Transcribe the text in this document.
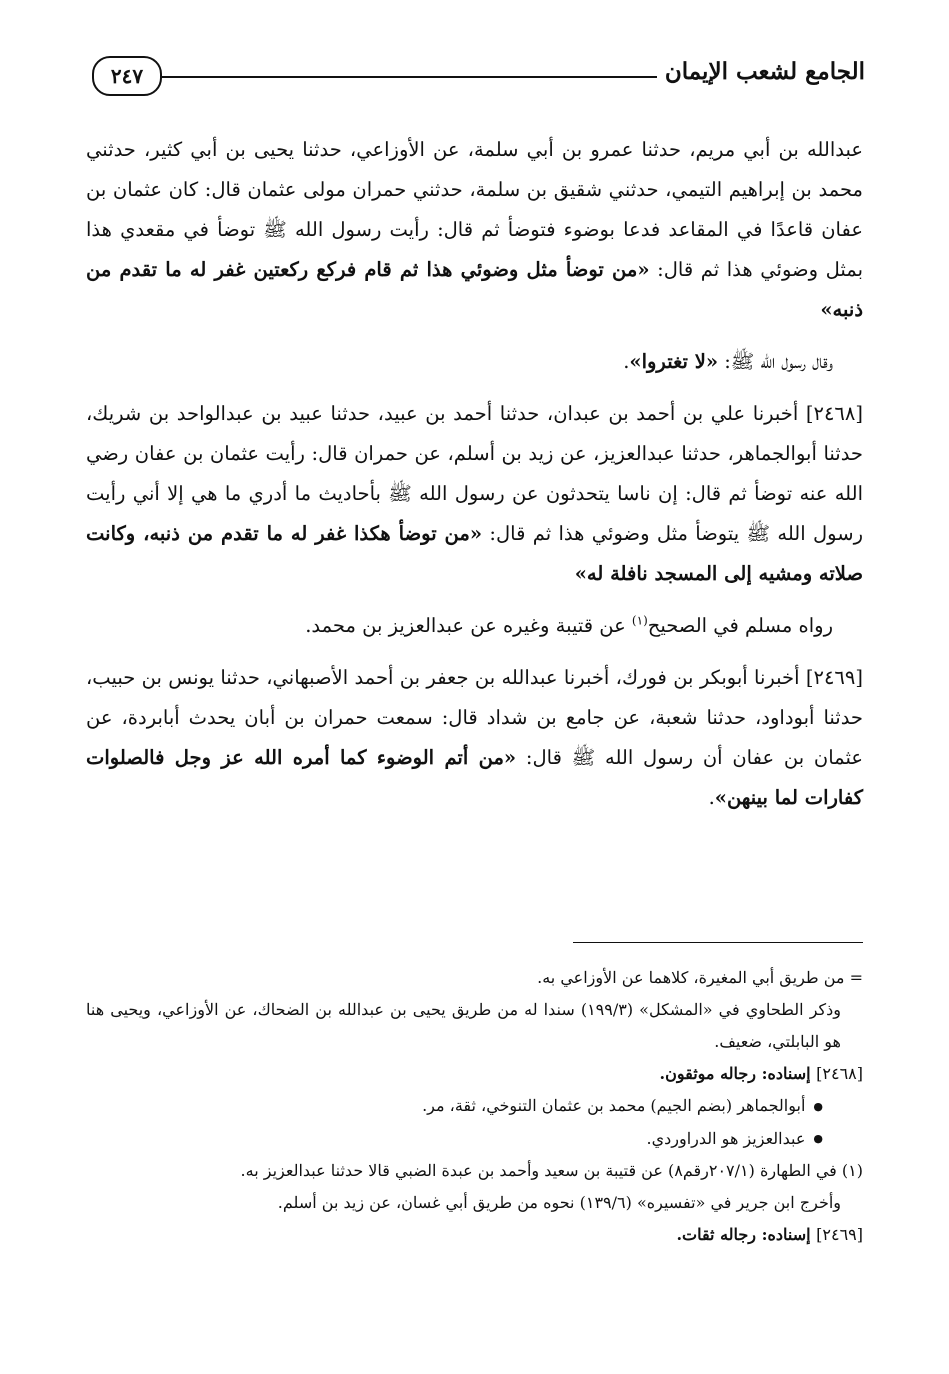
الجامع لشعب الإيمان
٢٤٧

عبدالله بن أبي مريم، حدثنا عمرو بن أبي سلمة، عن الأوزاعي، حدثنا يحيى بن أبي كثير، حدثني محمد بن إبراهيم التيمي، حدثني شقيق بن سلمة، حدثني حمران مولى عثمان قال: كان عثمان بن عفان قاعدًا في المقاعد فدعا بوضوء فتوضأ ثم قال: رأيت رسول الله ﷺ توضأ في مقعدي هذا بمثل وضوئي هذا ثم قال: «من توضأ مثل وضوئي هذا ثم قام فركع ركعتين غفر له ما تقدم من ذنبه»

وقال رسول الله ﷺ: «لا تغتروا».

[٢٤٦٨] أخبرنا علي بن أحمد بن عبدان، حدثنا أحمد بن عبيد، حدثنا عبيد بن عبدالواحد بن شريك، حدثنا أبوالجماهر، حدثنا عبدالعزيز، عن زيد بن أسلم، عن حمران قال: رأيت عثمان بن عفان رضي الله عنه توضأ ثم قال: إن ناسا يتحدثون عن رسول الله ﷺ بأحاديث ما أدري ما هي إلا أني رأيت رسول الله ﷺ يتوضأ مثل وضوئي هذا ثم قال: «من توضأ هكذا غفر له ما تقدم من ذنبه، وكانت صلاته ومشيه إلى المسجد نافلة له»

رواه مسلم في الصحيح$^{(١)}$ عن قتيبة وغيره عن عبدالعزيز بن محمد.

[٢٤٦٩] أخبرنا أبوبكر بن فورك، أخبرنا عبدالله بن جعفر بن أحمد الأصبهاني، حدثنا يونس بن حبيب، حدثنا أبوداود، حدثنا شعبة، عن جامع بن شداد قال: سمعت حمران بن أبان يحدث أبابردة، عن عثمان بن عفان أن رسول الله ﷺ قال: «من أتم الوضوء كما أمره الله عز وجل فالصلوات كفارات لما بينهن».

= من طريق أبي المغيرة، كلاهما عن الأوزاعي به.

وذكر الطحاوي في «المشكل» (١٩٩/٣) سندا له من طريق يحيى بن عبدالله بن الضحاك، عن الأوزاعي، ويحيى هنا هو البابلتي، ضعيف.

[٢٤٦٨] إسناده: رجاله موثقون.

● أبوالجماهر (بضم الجيم) محمد بن عثمان التنوخي، ثقة، مر.

● عبدالعزيز هو الدراوردي.

(١) في الطهارة (٢٠٧/١رقم٨) عن قتيبة بن سعيد وأحمد بن عبدة الضبي قالا حدثنا عبدالعزيز به.

وأخرج ابن جرير في «تفسيره» (١٣٩/٦) نحوه من طريق أبي غسان، عن زيد بن أسلم.

[٢٤٦٩] إسناده: رجاله ثقات.
